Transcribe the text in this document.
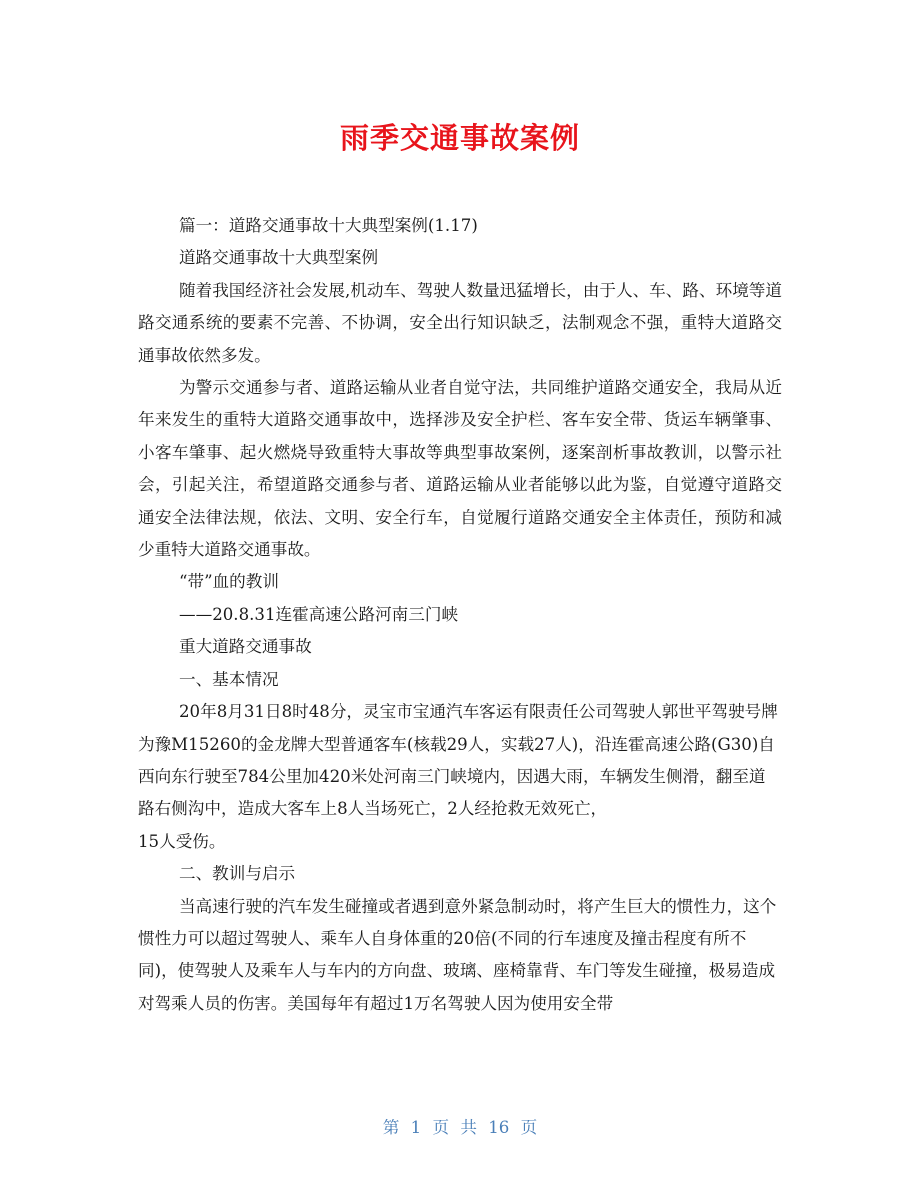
雨季交通事故案例

篇一：道路交通事故十大典型案例(1.17)

道路交通事故十大典型案例

随着我国经济社会发展,机动车、驾驶人数量迅猛增长，由于人、车、路、环境等道路交通系统的要素不完善、不协调，安全出行知识缺乏，法制观念不强，重特大道路交通事故依然多发。

为警示交通参与者、道路运输从业者自觉守法，共同维护道路交通安全，我局从近年来发生的重特大道路交通事故中，选择涉及安全护栏、客车安全带、货运车辆肇事、小客车肇事、起火燃烧导致重特大事故等典型事故案例，逐案剖析事故教训，以警示社会，引起关注，希望道路交通参与者、道路运输从业者能够以此为鉴，自觉遵守道路交通安全法律法规，依法、文明、安全行车，自觉履行道路交通安全主体责任，预防和减少重特大道路交通事故。

“带”血的教训

——20.8.31连霍高速公路河南三门峡

重大道路交通事故

一、基本情况

20年8月31日8时48分，灵宝市宝通汽车客运有限责任公司驾驶人郭世平驾驶号牌为豫M15260的金龙牌大型普通客车(核载29人，实载27人)，沿连霍高速公路(G30)自西向东行驶至784公里加420米处河南三门峡境内，因遇大雨，车辆发生侧滑，翻至道路右侧沟中，造成大客车上8人当场死亡，2人经抢救无效死亡，

15人受伤。

二、教训与启示

当高速行驶的汽车发生碰撞或者遇到意外紧急制动时，将产生巨大的惯性力，这个惯性力可以超过驾驶人、乘车人自身体重的20倍(不同的行车速度及撞击程度有所不同)，使驾驶人及乘车人与车内的方向盘、玻璃、座椅靠背、车门等发生碰撞，极易造成对驾乘人员的伤害。美国每年有超过1万名驾驶人因为使用安全带

第 1 页 共 16 页
